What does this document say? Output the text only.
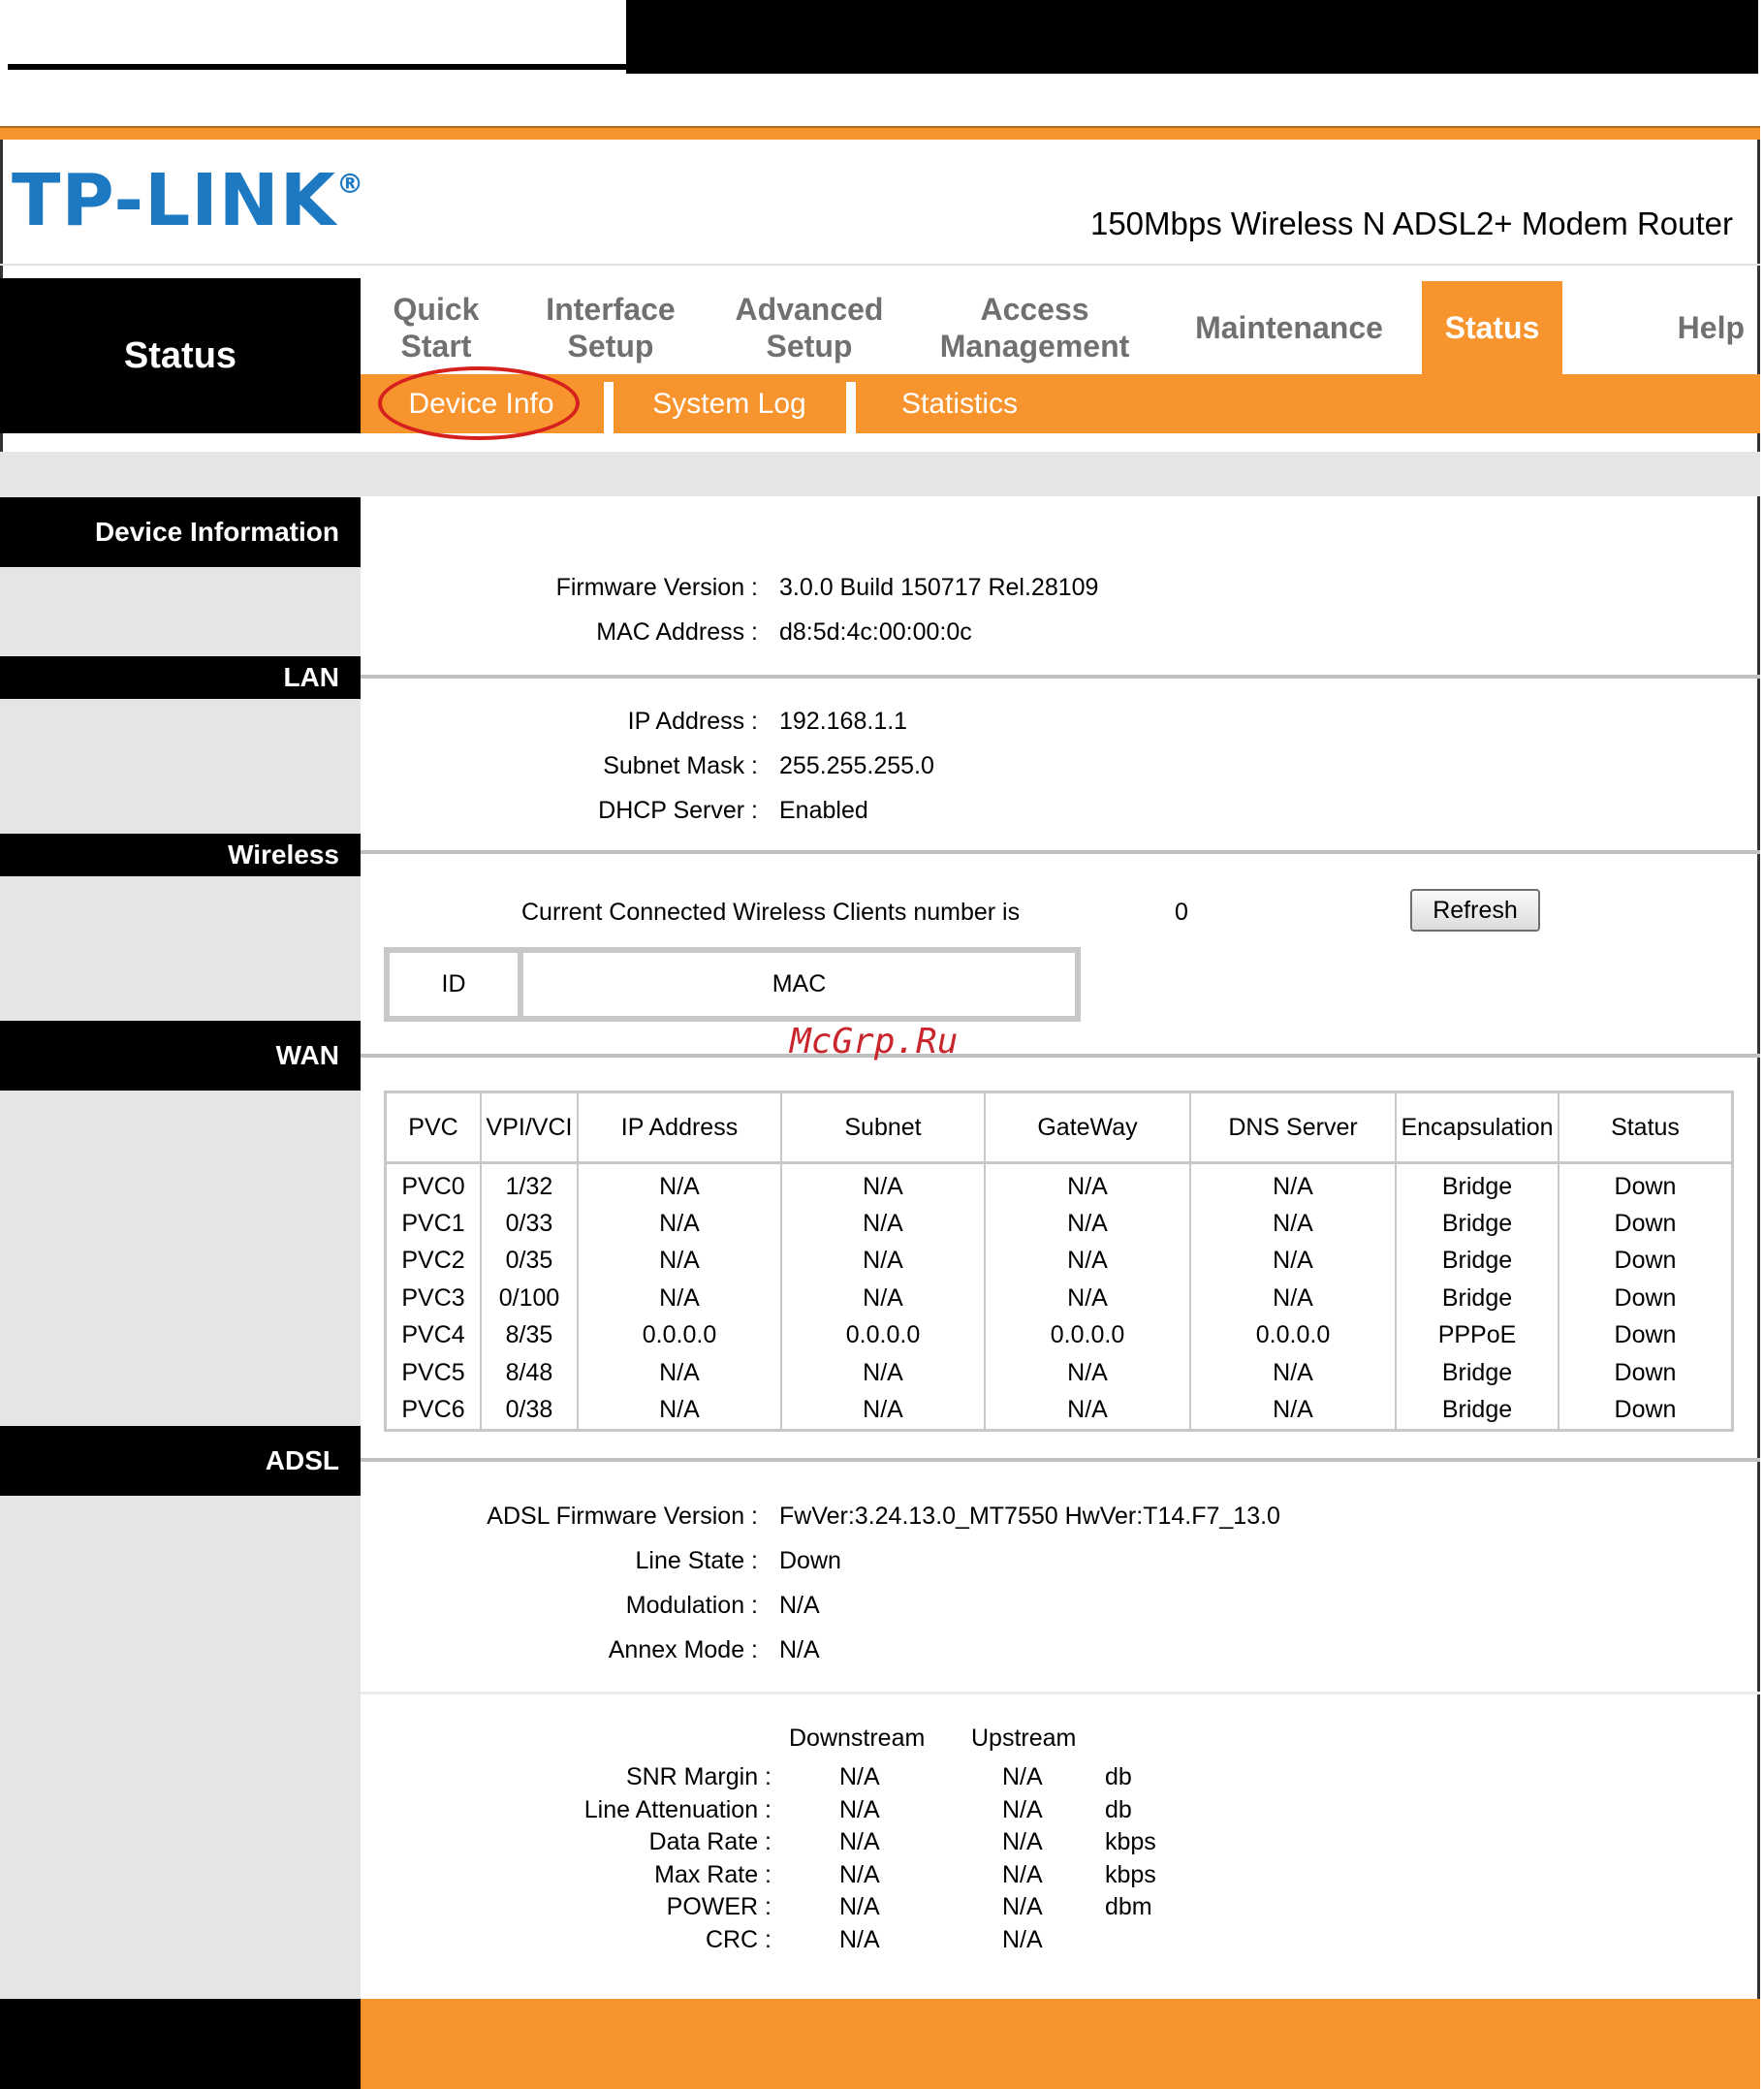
TP-LINK®
150Mbps Wireless N ADSL2+ Modem Router
Status
Quick
Start
Interface
Setup
Advanced
Setup
Access
Management
Maintenance	Status	Help
Device Info	System Log	Statistics
Device Information
Firmware Version : 3.0.0 Build 150717 Rel.28109
MAC Address : d8:5d:4c:00:00:0c
LAN
IP Address : 192.168.1.1
Subnet Mask : 255.255.255.0
DHCP Server : Enabled
Wireless
Current Connected Wireless Clients number is	0	Refresh
ID	MAC
WAN	McGrp.Ru
PVC	VPI/VCI	IP Address	Subnet	GateWay	DNS Server	Encapsulation	Status
PVC0	1/32	N/A	N/A	N/A	N/A	Bridge	Down
PVC1	0/33	N/A	N/A	N/A	N/A	Bridge	Down
PVC2	0/35	N/A	N/A	N/A	N/A	Bridge	Down
PVC3	0/100	N/A	N/A	N/A	N/A	Bridge	Down
PVC4	8/35	0.0.0.0	0.0.0.0	0.0.0.0	0.0.0.0	PPPoE	Down
PVC5	8/48	N/A	N/A	N/A	N/A	Bridge	Down
PVC6	0/38	N/A	N/A	N/A	N/A	Bridge	Down
ADSL
ADSL Firmware Version : FwVer:3.24.13.0_MT7550 HwVer:T14.F7_13.0
Line State : Down
Modulation : N/A
Annex Mode : N/A
Downstream Upstream
SNR Margin :	N/A	N/A	db
Line Attenuation :	N/A	N/A	db
Data Rate :	N/A	N/A	kbps
Max Rate :	N/A	N/A	kbps
POWER :	N/A	N/A	dbm
CRC :	N/A	N/A
